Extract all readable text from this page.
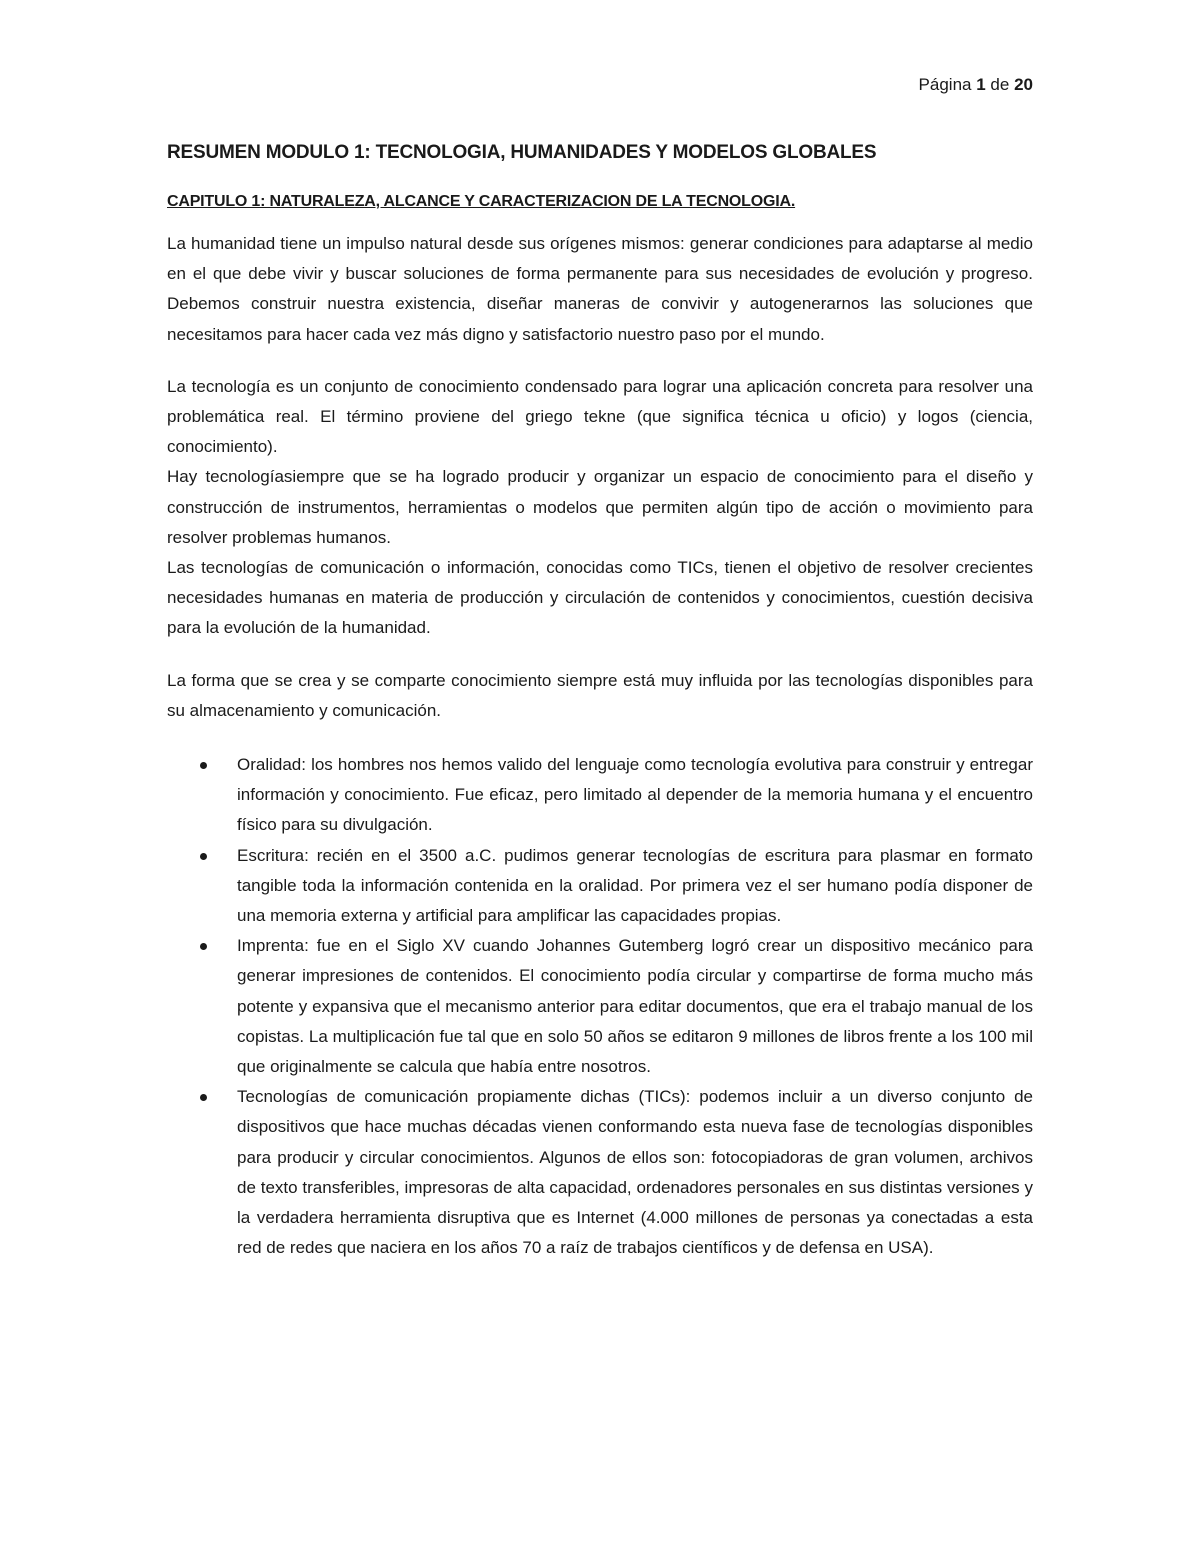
Página 1 de 20
RESUMEN MODULO 1: TECNOLOGIA, HUMANIDADES Y MODELOS GLOBALES
CAPITULO 1: NATURALEZA, ALCANCE Y CARACTERIZACION DE LA TECNOLOGIA.

La humanidad tiene un impulso natural desde sus orígenes mismos: generar condiciones para adaptarse al medio en el que debe vivir y buscar soluciones de forma permanente para sus necesidades de evolución y progreso. Debemos construir nuestra existencia, diseñar maneras de convivir y autogenerarnos las soluciones que necesitamos para hacer cada vez más digno y satisfactorio nuestro paso por el mundo.

La tecnología es un conjunto de conocimiento condensado para lograr una aplicación concreta para resolver una problemática real. El término proviene del griego tekne (que significa técnica u oficio) y logos (ciencia, conocimiento).

Hay tecnologíasiempre que se ha logrado producir y organizar un espacio de conocimiento para el diseño y construcción de instrumentos, herramientas o modelos que permiten algún tipo de acción o movimiento para resolver problemas humanos.

Las tecnologías de comunicación o información, conocidas como TICs, tienen el objetivo de resolver crecientes necesidades humanas en materia de producción y circulación de contenidos y conocimientos, cuestión decisiva para la evolución de la humanidad.

La forma que se crea y se comparte conocimiento siempre está muy influida por las tecnologías disponibles para su almacenamiento y comunicación.

Oralidad: los hombres nos hemos valido del lenguaje como tecnología evolutiva para construir y entregar información y conocimiento. Fue eficaz, pero limitado al depender de la memoria humana y el encuentro físico para su divulgación.
Escritura: recién en el 3500 a.C. pudimos generar tecnologías de escritura para plasmar en formato tangible toda la información contenida en la oralidad. Por primera vez el ser humano podía disponer de una memoria externa y artificial para amplificar las capacidades propias.
Imprenta: fue en el Siglo XV cuando Johannes Gutemberg logró crear un dispositivo mecánico para generar impresiones de contenidos. El conocimiento podía circular y compartirse de forma mucho más potente y expansiva que el mecanismo anterior para editar documentos, que era el trabajo manual de los copistas. La multiplicación fue tal que en solo 50 años se editaron 9 millones de libros frente a los 100 mil que originalmente se calcula que había entre nosotros.
Tecnologías de comunicación propiamente dichas (TICs): podemos incluir a un diverso conjunto de dispositivos que hace muchas décadas vienen conformando esta nueva fase de tecnologías disponibles para producir y circular conocimientos. Algunos de ellos son: fotocopiadoras de gran volumen, archivos de texto transferibles, impresoras de alta capacidad, ordenadores personales en sus distintas versiones y la verdadera herramienta disruptiva que es Internet (4.000 millones de personas ya conectadas a esta red de redes que naciera en los años 70 a raíz de trabajos científicos y de defensa en USA).
